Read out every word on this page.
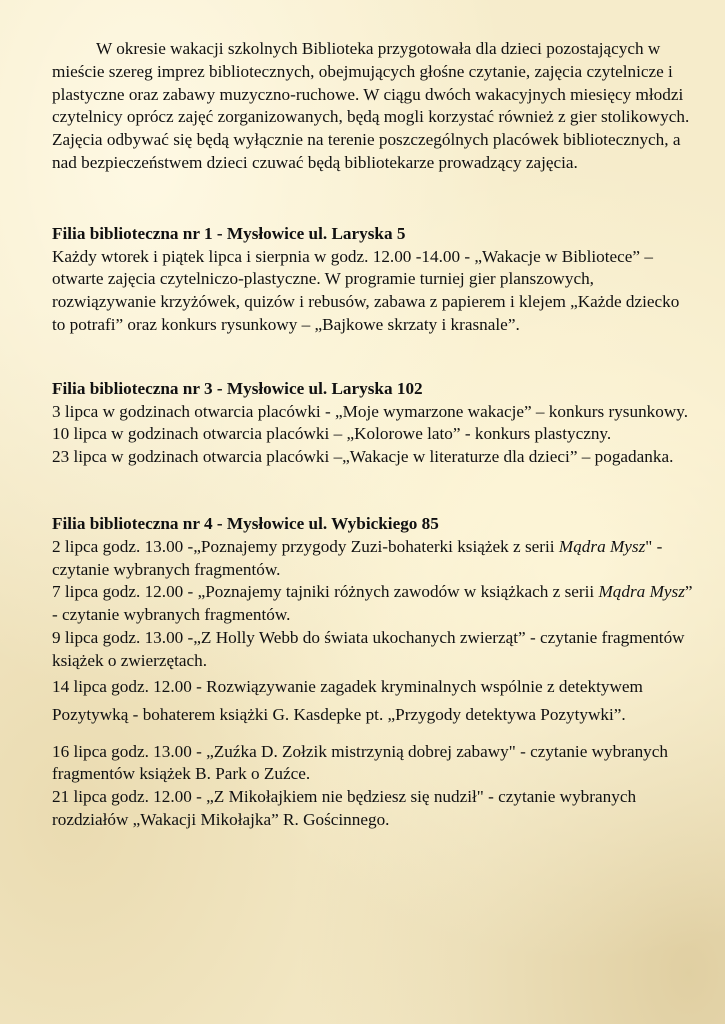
W okresie wakacji szkolnych Biblioteka przygotowała dla dzieci pozostających w mieście szereg imprez bibliotecznych, obejmujących głośne czytanie, zajęcia czytelnicze i plastyczne oraz zabawy muzyczno-ruchowe. W ciągu dwóch wakacyjnych miesięcy młodzi czytelnicy oprócz zajęć zorganizowanych, będą mogli korzystać również z gier stolikowych. Zajęcia odbywać się będą wyłącznie na terenie poszczególnych placówek bibliotecznych, a nad bezpieczeństwem dzieci czuwać będą bibliotekarze prowadzący zajęcia.

Filia biblioteczna nr 1 - Mysłowice ul. Laryska 5

Każdy wtorek i piątek lipca i sierpnia w godz. 12.00 -14.00 - „Wakacje w Bibliotece” – otwarte zajęcia czytelniczo-plastyczne. W programie turniej gier planszowych, rozwiązywanie krzyżówek, quizów i rebusów, zabawa z papierem i klejem „Każde dziecko to potrafi” oraz konkurs rysunkowy – „Bajkowe skrzaty i krasnale”.

Filia biblioteczna nr 3 - Mysłowice ul. Laryska 102

3 lipca w godzinach otwarcia placówki - „Moje wymarzone wakacje” – konkurs rysunkowy.

10 lipca w godzinach otwarcia placówki – „Kolorowe lato” - konkurs plastyczny.

23 lipca w godzinach otwarcia placówki –„Wakacje w literaturze dla dzieci” – pogadanka.

Filia biblioteczna nr 4 - Mysłowice ul. Wybickiego 85

2 lipca godz. 13.00 -„Poznajemy przygody Zuzi-bohaterki książek z serii Mądra Mysz" - czytanie wybranych fragmentów.

7 lipca godz. 12.00 - „Poznajemy tajniki różnych zawodów w książkach z serii Mądra Mysz” - czytanie wybranych fragmentów.

9 lipca godz. 13.00 -„Z Holly Webb do świata ukochanych zwierząt” - czytanie fragmentów książek o zwierzętach.

14 lipca godz. 12.00 - Rozwiązywanie zagadek kryminalnych wspólnie z detektywem Pozytywką - bohaterem książki G. Kasdepke pt. „Przygody detektywa Pozytywki”.

16 lipca godz. 13.00 - „Zuźka D. Zołzik mistrzynią dobrej zabawy" - czytanie wybranych fragmentów książek B. Park o Zuźce.

21 lipca godz. 12.00 - „Z Mikołajkiem nie będziesz się nudził" - czytanie wybranych rozdziałów „Wakacji Mikołajka” R. Gościnnego.
